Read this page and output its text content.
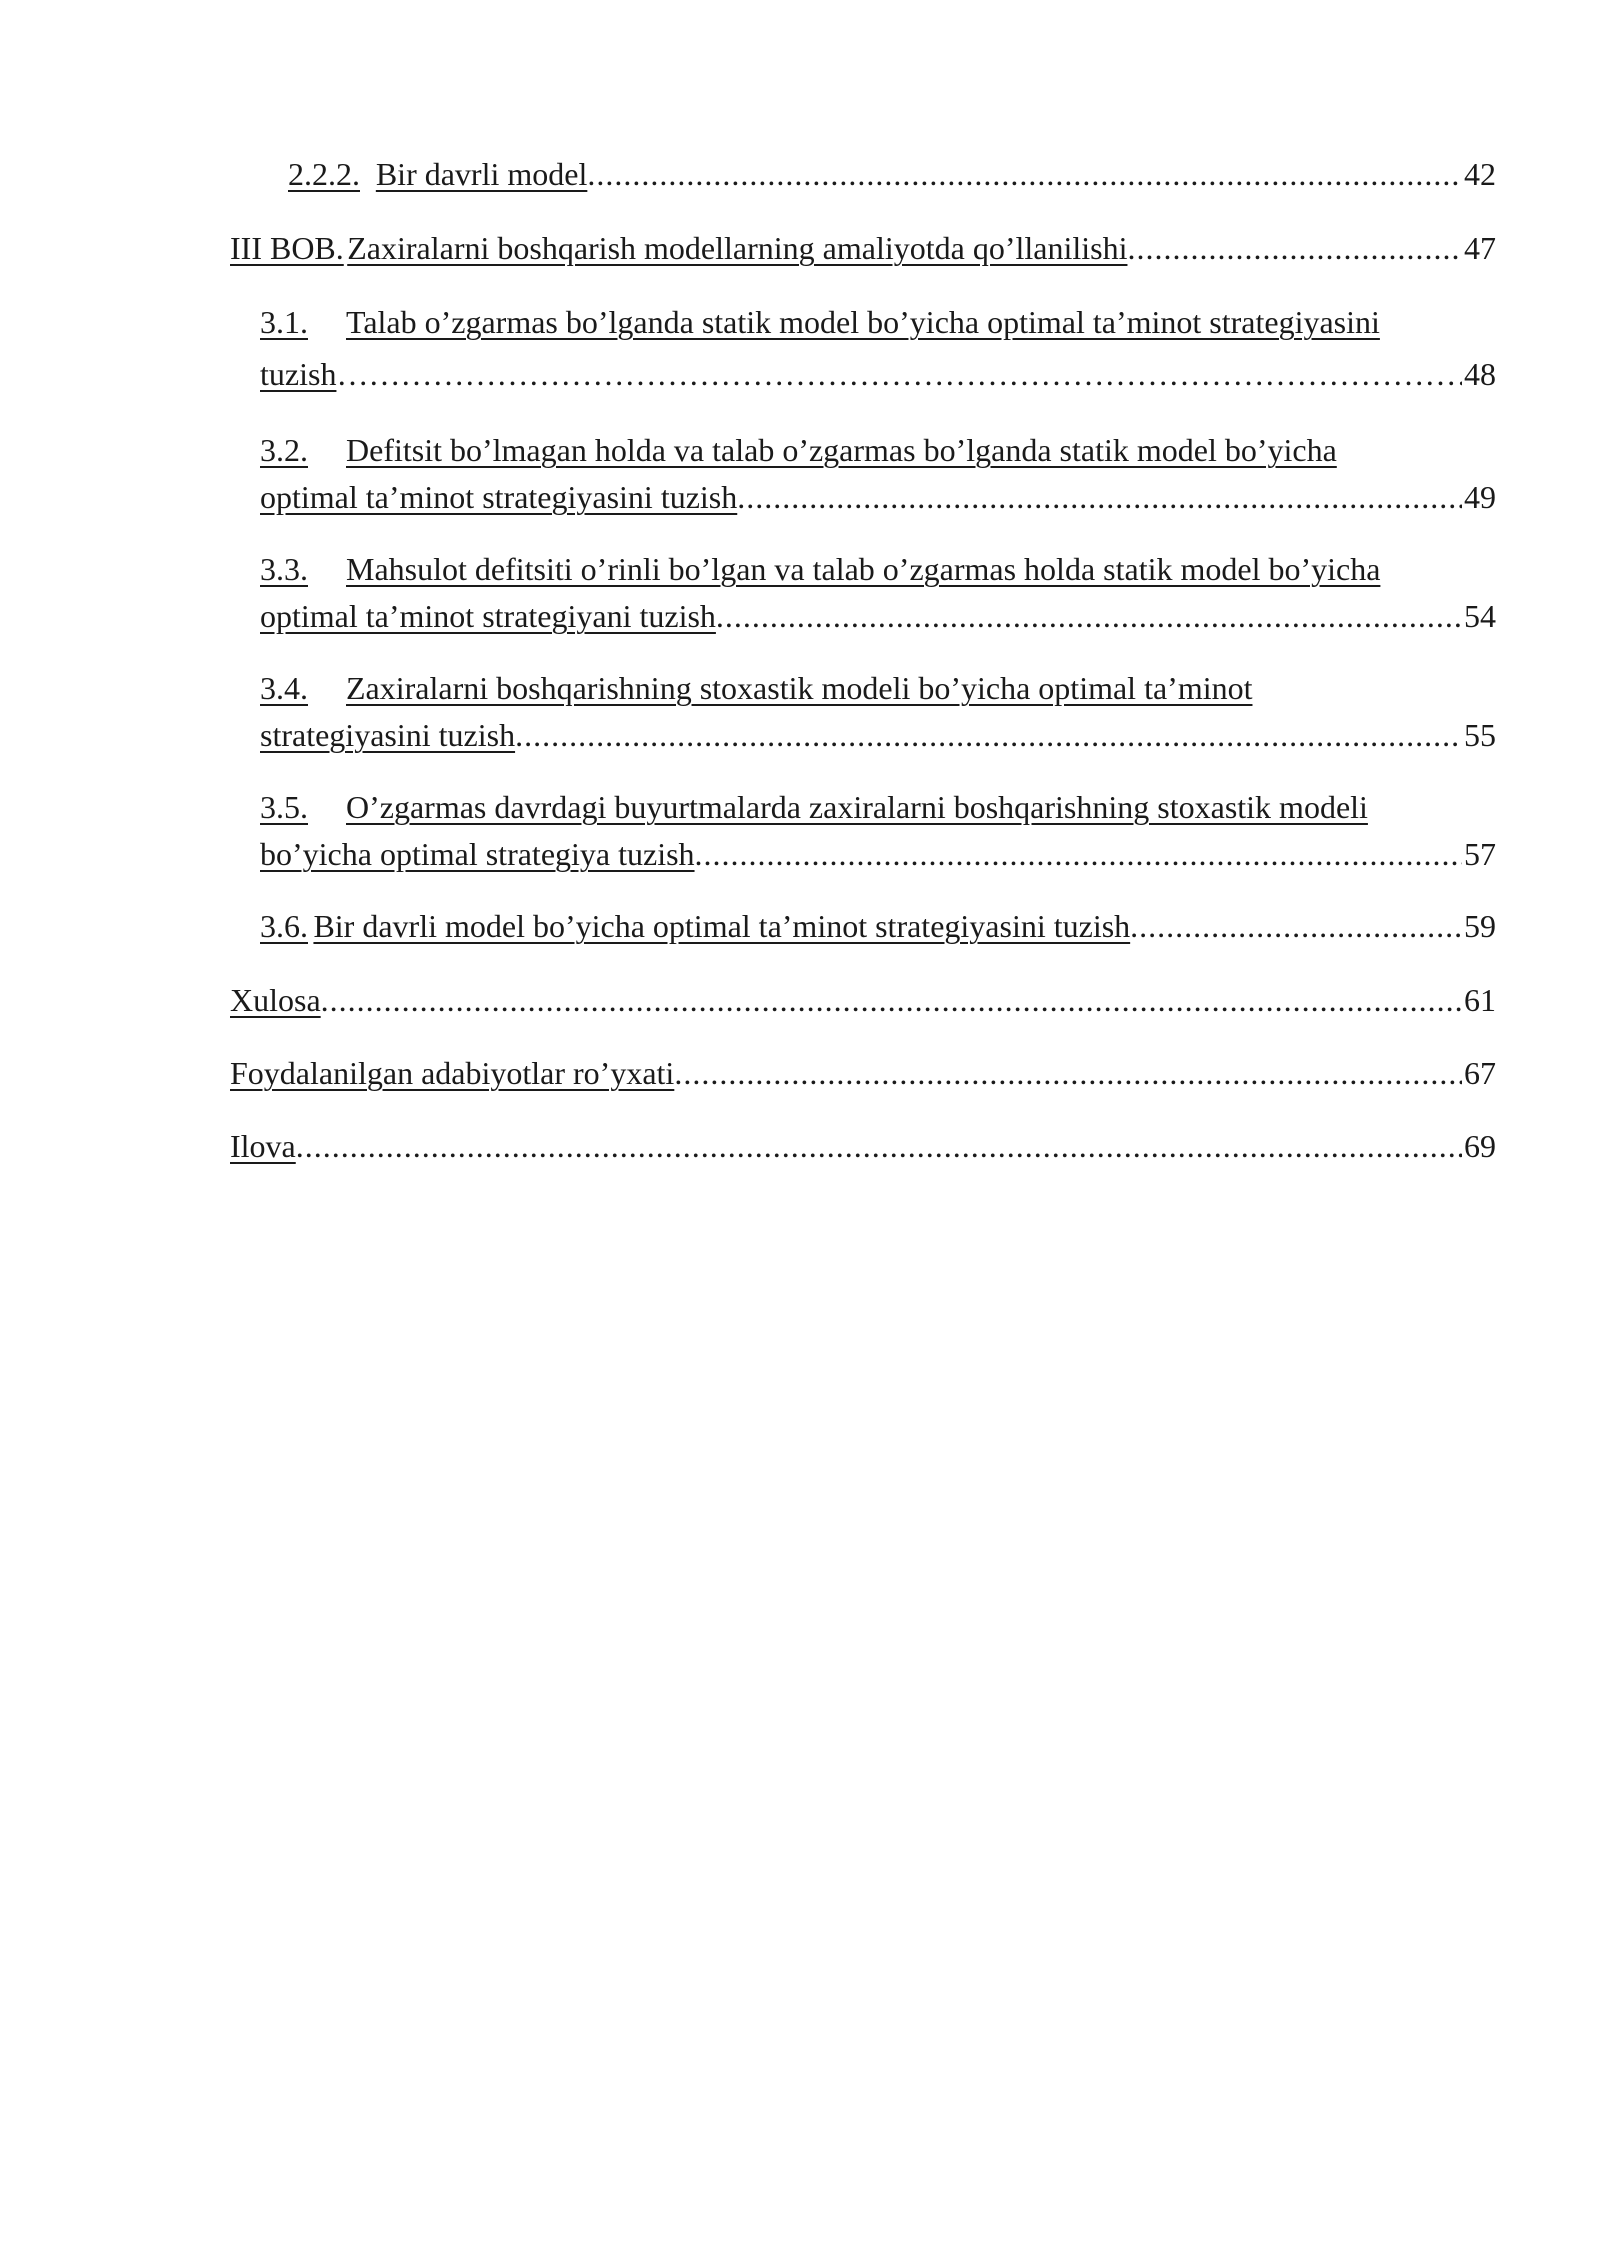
2.2.2. Bir davrli model .....	42
III BOB. Zaxiralarni boshqarish modellarning amaliyotda qo’llanilishi .....	47
3.1. Talab o’zgarmas bo’lganda statik model bo’yicha optimal ta’minot strategiyasini
tuzish ………………………………………………………………………………………………………………………………………………………………………………	48
3.2. Defitsit bo’lmagan holda va talab o’zgarmas bo’lganda statik model bo’yicha
optimal ta’minot strategiyasini tuzish .....	49
3.3. Mahsulot defitsiti o’rinli bo’lgan va talab o’zgarmas holda statik model bo’yicha
optimal ta’minot strategiyani tuzish .....	54
3.4. Zaxiralarni boshqarishning stoxastik modeli bo’yicha optimal ta’minot
strategiyasini tuzish .....	55
3.5. O’zgarmas davrdagi buyurtmalarda zaxiralarni boshqarishning stoxastik modeli
bo’yicha optimal strategiya tuzish .....	57
3.6. Bir davrli model bo’yicha optimal ta’minot strategiyasini tuzish .....	59
Xulosa .....	61
Foydalanilgan adabiyotlar ro’yxati .....	67
Ilova .....	69
